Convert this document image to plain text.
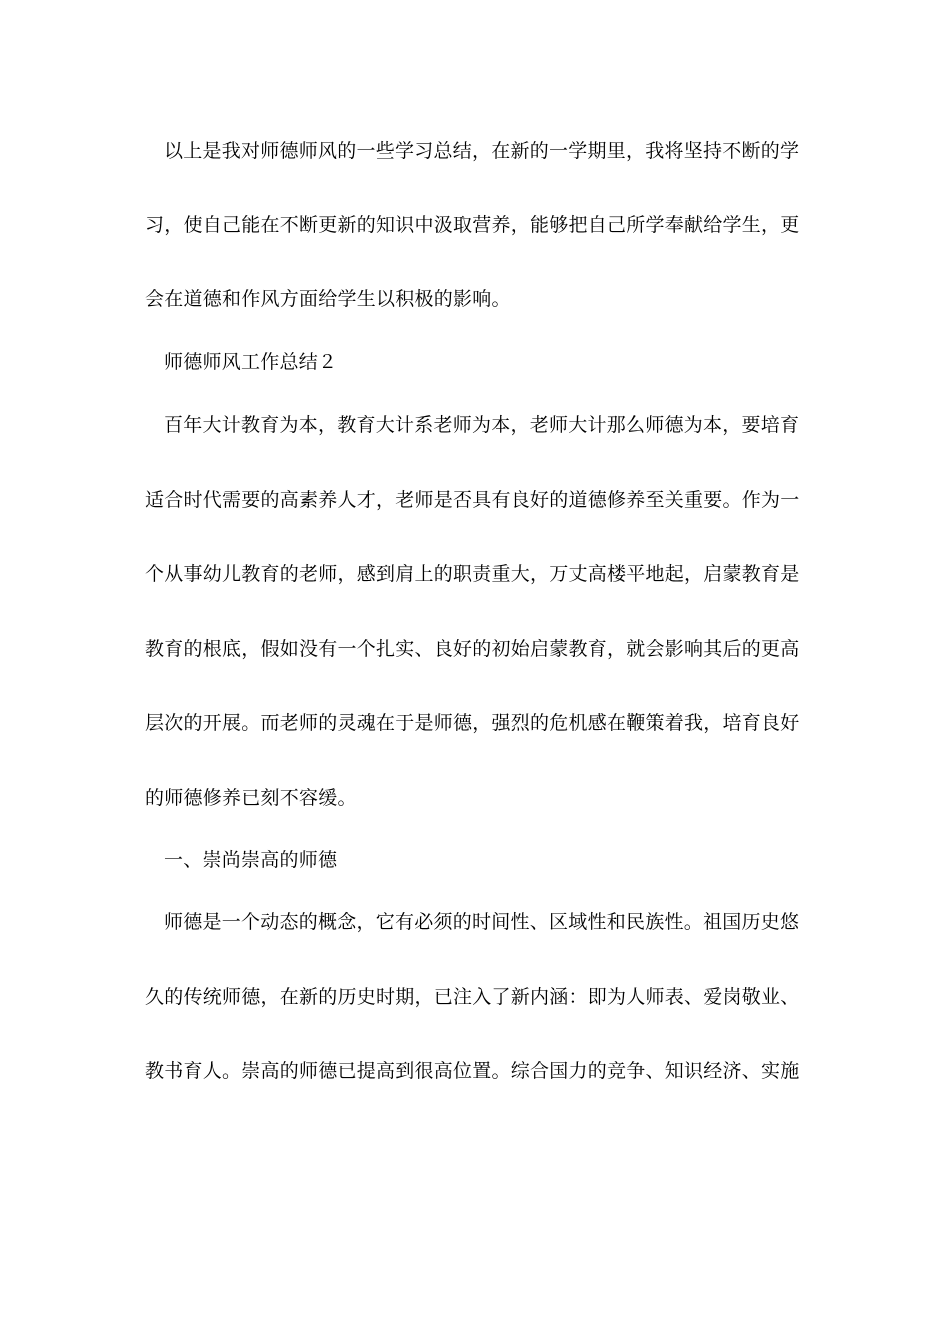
以上是我对师德师风的一些学习总结，在新的一学期里，我将坚持不断的学
习，使自己能在不断更新的知识中汲取营养，能够把自己所学奉献给学生，更
会在道德和作风方面给学生以积极的影响。
师德师风工作总结２
百年大计教育为本，教育大计系老师为本，老师大计那么师德为本，要培育
适合时代需要的高素养人才，老师是否具有良好的道德修养至关重要。作为一
个从事幼儿教育的老师，感到肩上的职责重大，万丈高楼平地起，启蒙教育是
教育的根底，假如没有一个扎实、良好的初始启蒙教育，就会影响其后的更高
层次的开展。而老师的灵魂在于是师德，强烈的危机感在鞭策着我，培育良好
的师德修养已刻不容缓。
一、崇尚崇高的师德
师德是一个动态的概念，它有必须的时间性、区域性和民族性。祖国历史悠
久的传统师德，在新的历史时期，已注入了新内涵：即为人师表、爱岗敬业、
教书育人。崇高的师德已提高到很高位置。综合国力的竞争、知识经济、实施
